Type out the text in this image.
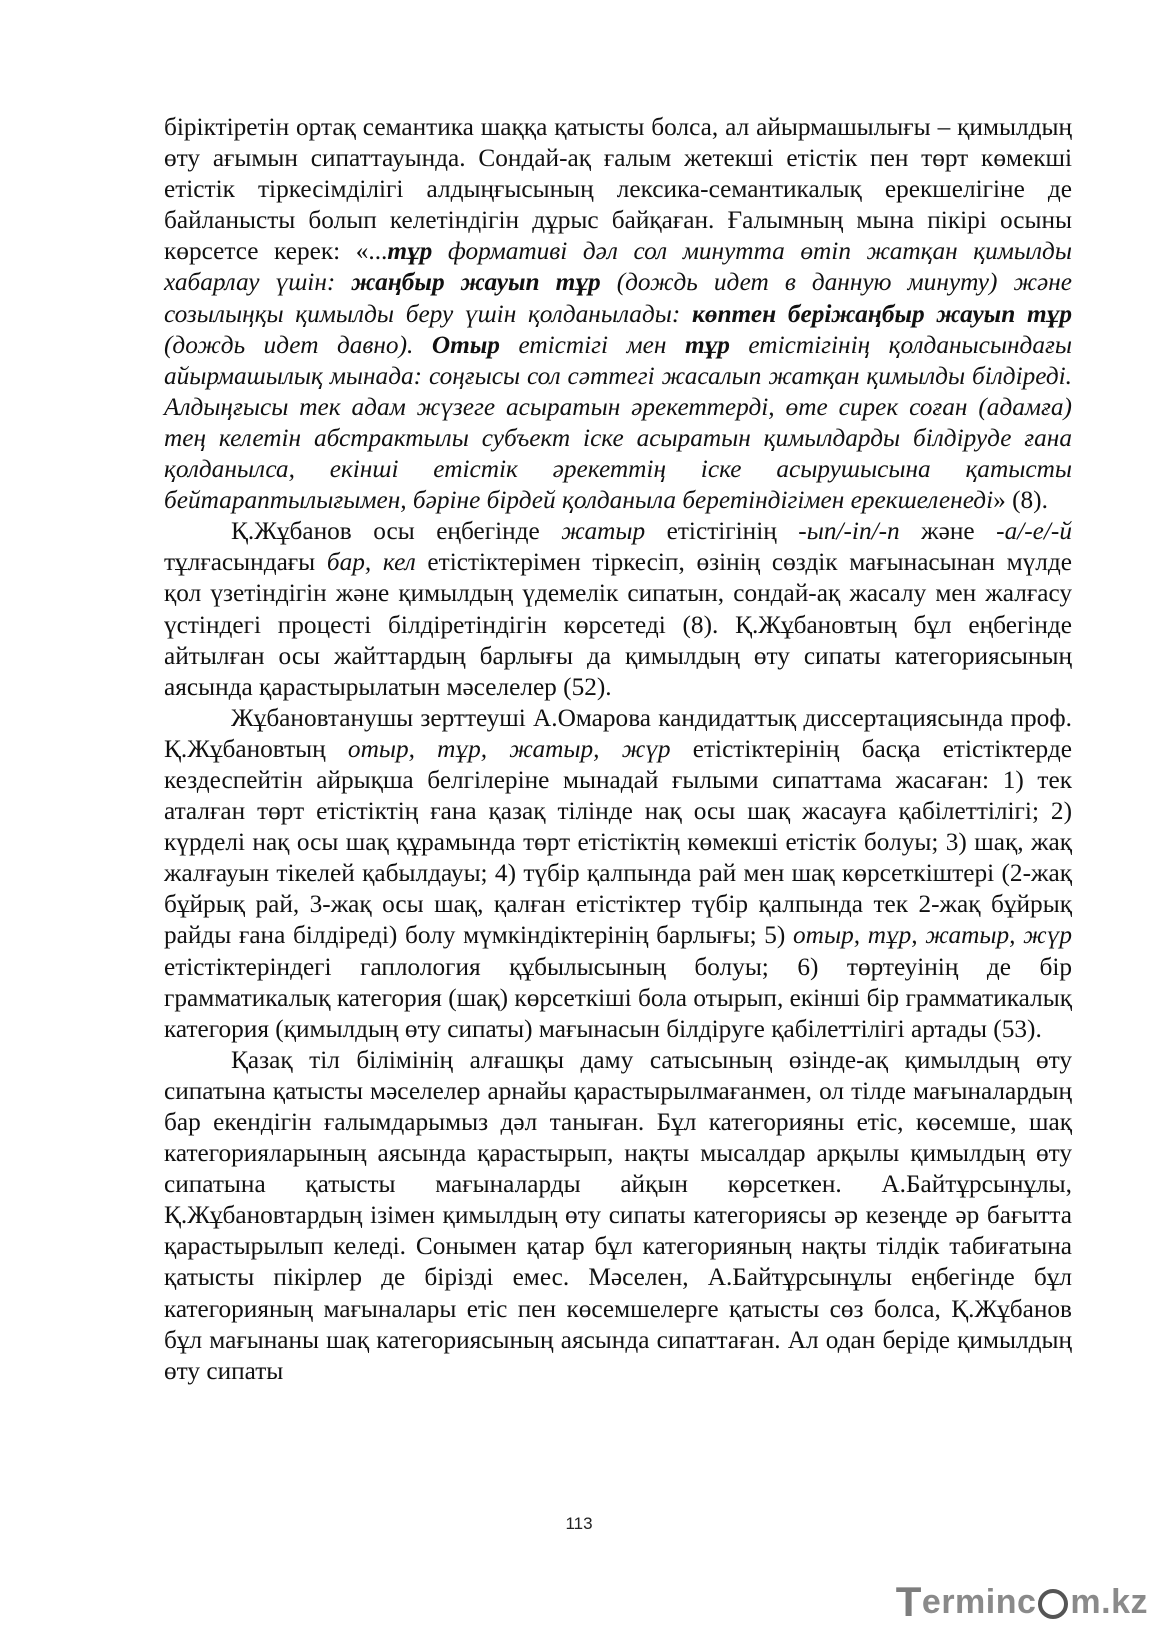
біріктіретін ортақ семантика шаққа қатысты болса, ал айырмашылығы – қимылдың өту ағымын сипаттауында. Сондай-ақ ғалым жетекші етістік пен төрт көмекші етістік тіркесімділігі алдыңғысының лексика-семантикалық ерекшелігіне де байланысты болып келетіндігін дұрыс байқаған. Ғалымның мына пікірі осыны көрсетсе керек: «...тұр формативі дәл сол минутта өтіп жатқан қимылды хабарлау үшін: жаңбыр жауып тұр (дождь идет в данную минуту) және созылыңқы қимылды беру үшін қолданылады: көптен беріжаңбыр жауып тұр (дождь идет давно). Отыр етістігі мен тұр етістігінің қолданысындағы айырмашылық мынада: соңғысы сол сәттегі жасалып жатқан қимылды білдіреді. Алдыңғысы тек адам жүзеге асыратын әрекеттерді, өте сирек соған (адамға) тең келетін абстрактылы субъект іске асыратын қимылдарды білдіруде ғана қолданылса, екінші етістік әрекеттің іске асырушысына қатысты бейтараптылығымен, бәріне бірдей қолданыла беретіндігімен ерекшеленеді» (8).

Қ.Жұбанов осы еңбегінде жатыр етістігінің -ып/-іп/-п және -а/-е/-й тұлғасындағы бар, кел етістіктерімен тіркесіп, өзінің сөздік мағынасынан мүлде қол үзетіндігін және қимылдың үдемелік сипатын, сондай-ақ жасалу мен жалғасу үстіндегі процесті білдіретіндігін көрсетеді (8). Қ.Жұбановтың бұл еңбегінде айтылған осы жайттардың барлығы да қимылдың өту сипаты категориясының аясында қарастырылатын мәселелер (52).

Жұбановтанушы зерттеуші А.Омарова кандидаттық диссертациясында проф. Қ.Жұбановтың отыр, тұр, жатыр, жүр етістіктерінің басқа етістіктерде кездеспейтін айрықша белгілеріне мынадай ғылыми сипаттама жасаған: 1) тек аталған төрт етістіктің ғана қазақ тілінде нақ осы шақ жасауға қабілеттілігі; 2) күрделі нақ осы шақ құрамында төрт етістіктің көмекші етістік болуы; 3) шақ, жақ жалғауын тікелей қабылдауы; 4) түбір қалпында рай мен шақ көрсеткіштері (2-жақ бұйрық рай, 3-жақ осы шақ, қалған етістіктер түбір қалпында тек 2-жақ бұйрық райды ғана білдіреді) болу мүмкіндіктерінің барлығы; 5) отыр, тұр, жатыр, жүр етістіктеріндегі гаплология құбылысының болуы; 6) төртеуінің де бір грамматикалық категория (шақ) көрсеткіші бола отырып, екінші бір грамматикалық категория (қимылдың өту сипаты) мағынасын білдіруге қабілеттілігі артады (53).

Қазақ тіл білімінің алғашқы даму сатысының өзінде-ақ қимылдың өту сипатына қатысты мәселелер арнайы қарастырылмағанмен, ол тілде мағыналардың бар екендігін ғалымдарымыз дәл таныған. Бұл категорияны етіс, көсемше, шақ категорияларының аясында қарастырып, нақты мысалдар арқылы қимылдың өту сипатына қатысты мағыналарды айқын көрсеткен. А.Байтұрсынұлы, Қ.Жұбановтардың ізімен қимылдың өту сипаты категориясы әр кезеңде әр бағытта қарастырылып келеді. Сонымен қатар бұл категорияның нақты тілдік табиғатына қатысты пікірлер де бірізді емес. Мәселен, А.Байтұрсынұлы еңбегінде бұл категорияның мағыналары етіс пен көсемшелерге қатысты сөз болса, Қ.Жұбанов бұл мағынаны шақ категориясының аясында сипаттаған. Ал одан беріде қимылдың өту сипаты

113
T erminc m.kz
